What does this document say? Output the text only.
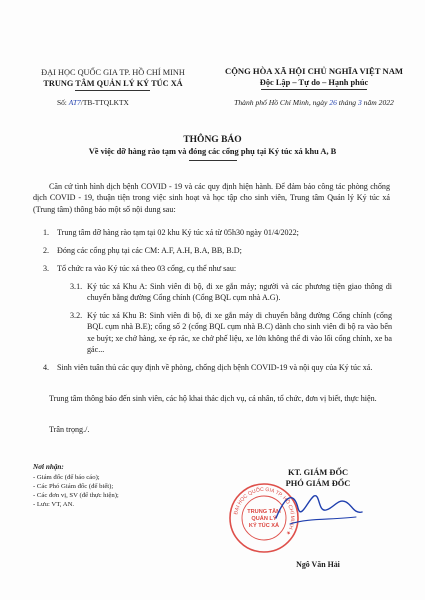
ĐẠI HỌC QUỐC GIA TP. HỒ CHÍ MINH
TRUNG TÂM QUẢN LÝ KÝ TÚC XÁ
Số: AT7/TB-TTQLKTX
CỘNG HÒA XÃ HỘI CHỦ NGHĨA VIỆT NAM
Độc Lập – Tự do – Hạnh phúc
Thành phố Hồ Chí Minh, ngày 26 tháng 3 năm 2022
THÔNG BÁO
Về việc dỡ hàng rào tạm và đóng các cổng phụ tại Ký túc xá khu A, B
Căn cứ tình hình dịch bệnh COVID - 19 và các quy định hiện hành. Để đảm bảo công tác phòng chống dịch COVID - 19, thuận tiện trong việc sinh hoạt và học tập cho sinh viên, Trung tâm Quản lý Ký túc xá (Trung tâm) thông báo một số nội dung sau:
1. Trung tâm dỡ hàng rào tạm tại 02 khu Ký túc xá từ 05h30 ngày 01/4/2022;
2. Đóng các cổng phụ tại các CM: A.F, A.H, B.A, BB, B.D;
3. Tổ chức ra vào Ký túc xá theo 03 cổng, cụ thể như sau:
3.1. Ký túc xá Khu A: Sinh viên đi bộ, đi xe gắn máy; người và các phương tiện giao thông di chuyển bằng đường Cổng chính (Cổng BQL cụm nhà A.G).
3.2. Ký túc xá Khu B: Sinh viên đi bộ, đi xe gắn máy di chuyển bằng đường Cổng chính (cổng BQL cụm nhà B.E); cổng số 2 (cổng BQL cụm nhà B.C) dành cho sinh viên đi bộ ra vào bến xe buýt; xe chở hàng, xe ép rác, xe chở phế liệu, xe lớn không thể đi vào lối cổng chính, xe ba gác...
4. Sinh viên tuân thủ các quy định về phòng, chống dịch bệnh COVID-19 và nội quy của Ký túc xá.
Trung tâm thông báo đến sinh viên, các hộ khai thác dịch vụ, cá nhân, tổ chức, đơn vị biết, thực hiện.
Trân trọng./.
Nơi nhận:
- Giám đốc (để báo cáo);
- Các Phó Giám đốc (để biết);
- Các đơn vị, SV (để thực hiện);
- Lưu: VT, AN.
KT. GIÁM ĐỐC
PHÓ GIÁM ĐỐC
ĐẠI HỌC QUỐC GIA TP. HỒ CHÍ MINH ★
TRUNG TÂM
QUẢN LÝ
KÝ TÚC XÁ
Ngô Văn Hải
